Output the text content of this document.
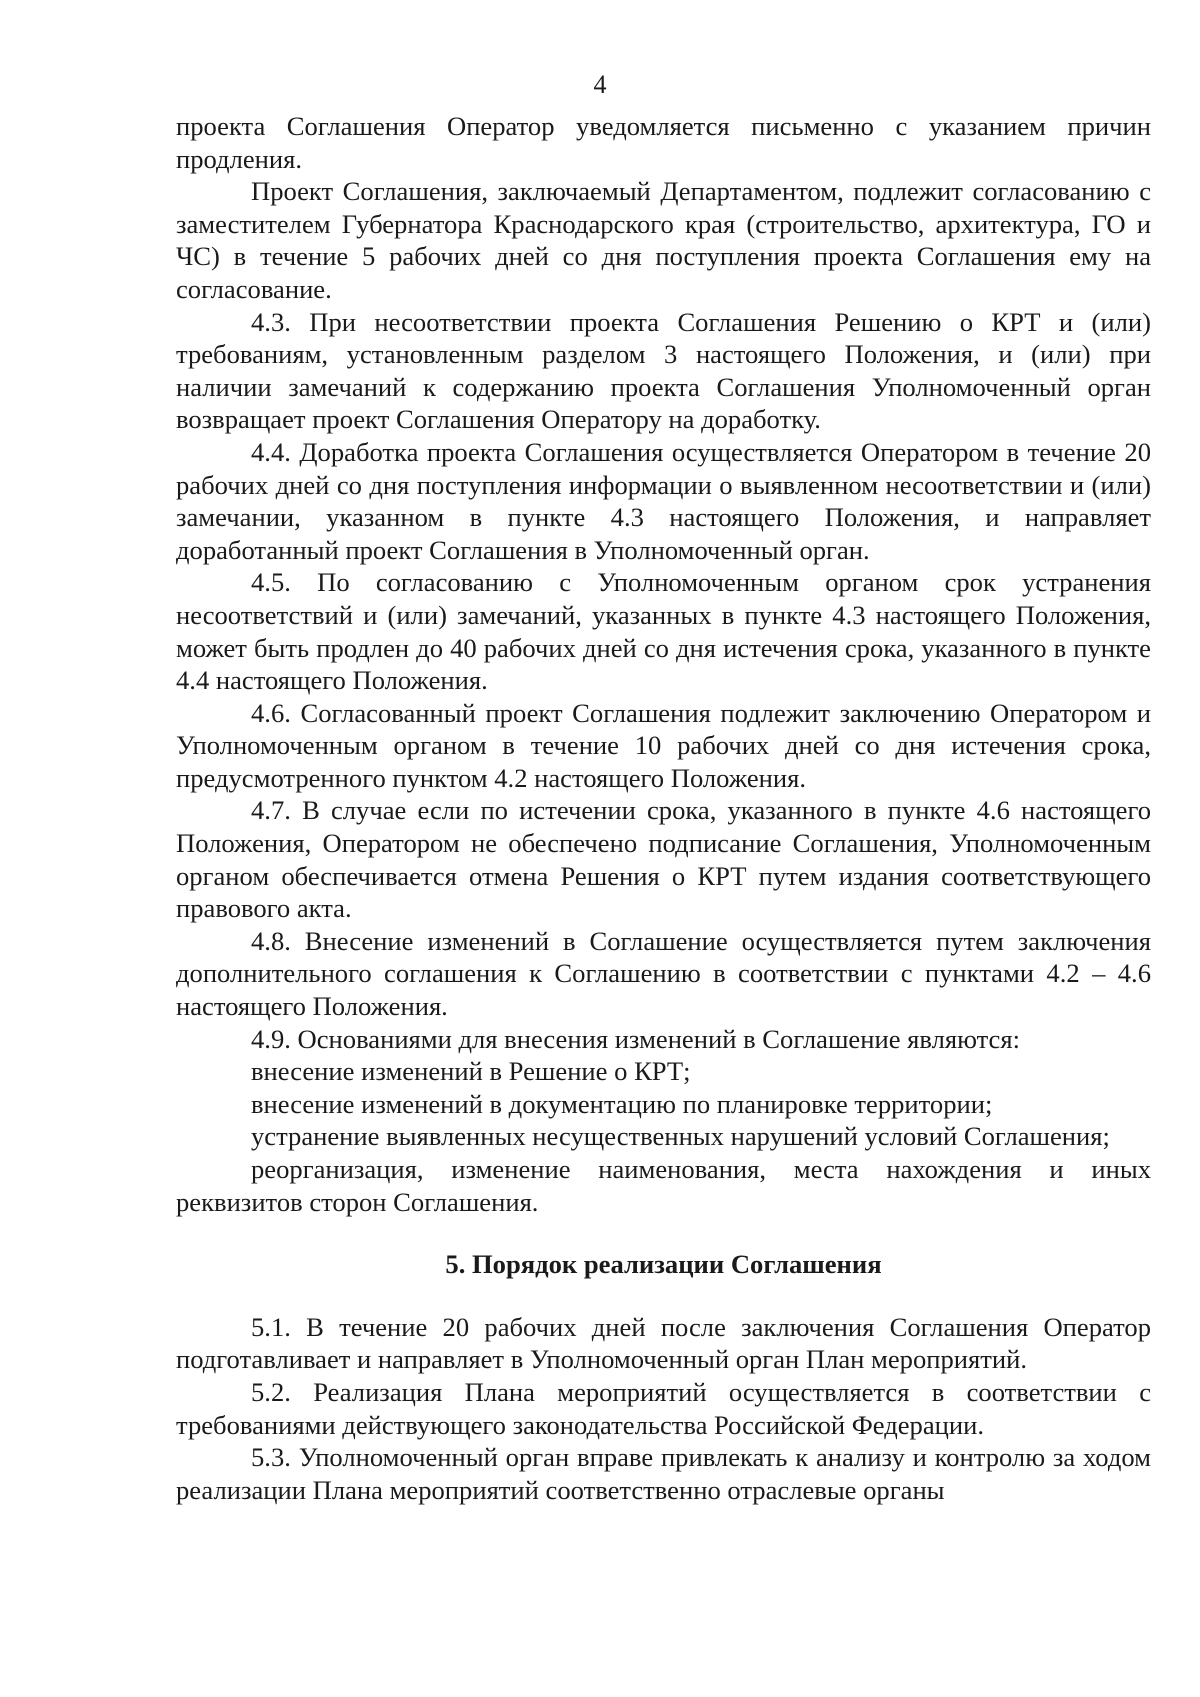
4

проекта Соглашения Оператор уведомляется письменно с указанием причин продления.

Проект Соглашения, заключаемый Департаментом, подлежит согласованию с заместителем Губернатора Краснодарского края (строительство, архитектура, ГО и ЧС) в течение 5 рабочих дней со дня поступления проекта Соглашения ему на согласование.

4.3. При несоответствии проекта Соглашения Решению о КРТ и (или) требованиям, установленным разделом 3 настоящего Положения, и (или) при наличии замечаний к содержанию проекта Соглашения Уполномоченный орган возвращает проект Соглашения Оператору на доработку.

4.4. Доработка проекта Соглашения осуществляется Оператором в течение 20 рабочих дней со дня поступления информации о выявленном несоответствии и (или) замечании, указанном в пункте 4.3 настоящего Положения, и направляет доработанный проект Соглашения в Уполномоченный орган.

4.5. По согласованию с Уполномоченным органом срок устранения несоответствий и (или) замечаний, указанных в пункте 4.3 настоящего Положения, может быть продлен до 40 рабочих дней со дня истечения срока, указанного в пункте 4.4 настоящего Положения.

4.6. Согласованный проект Соглашения подлежит заключению Оператором и Уполномоченным органом в течение 10 рабочих дней со дня истечения срока, предусмотренного пунктом 4.2 настоящего Положения.

4.7. В случае если по истечении срока, указанного в пункте 4.6 настоящего Положения, Оператором не обеспечено подписание Соглашения, Уполномоченным органом обеспечивается отмена Решения о КРТ путем издания соответствующего правового акта.

4.8. Внесение изменений в Соглашение осуществляется путем заключения дополнительного соглашения к Соглашению в соответствии с пунктами 4.2 – 4.6 настоящего Положения.

4.9. Основаниями для внесения изменений в Соглашение являются:

внесение изменений в Решение о КРТ;

внесение изменений в документацию по планировке территории;

устранение выявленных несущественных нарушений условий Соглашения;

реорганизация, изменение наименования, места нахождения и иных реквизитов сторон Соглашения.

5. Порядок реализации Соглашения

5.1. В течение 20 рабочих дней после заключения Соглашения Оператор подготавливает и направляет в Уполномоченный орган План мероприятий.

5.2. Реализация Плана мероприятий осуществляется в соответствии с требованиями действующего законодательства Российской Федерации.

5.3. Уполномоченный орган вправе привлекать к анализу и контролю за ходом реализации Плана мероприятий соответственно отраслевые органы
